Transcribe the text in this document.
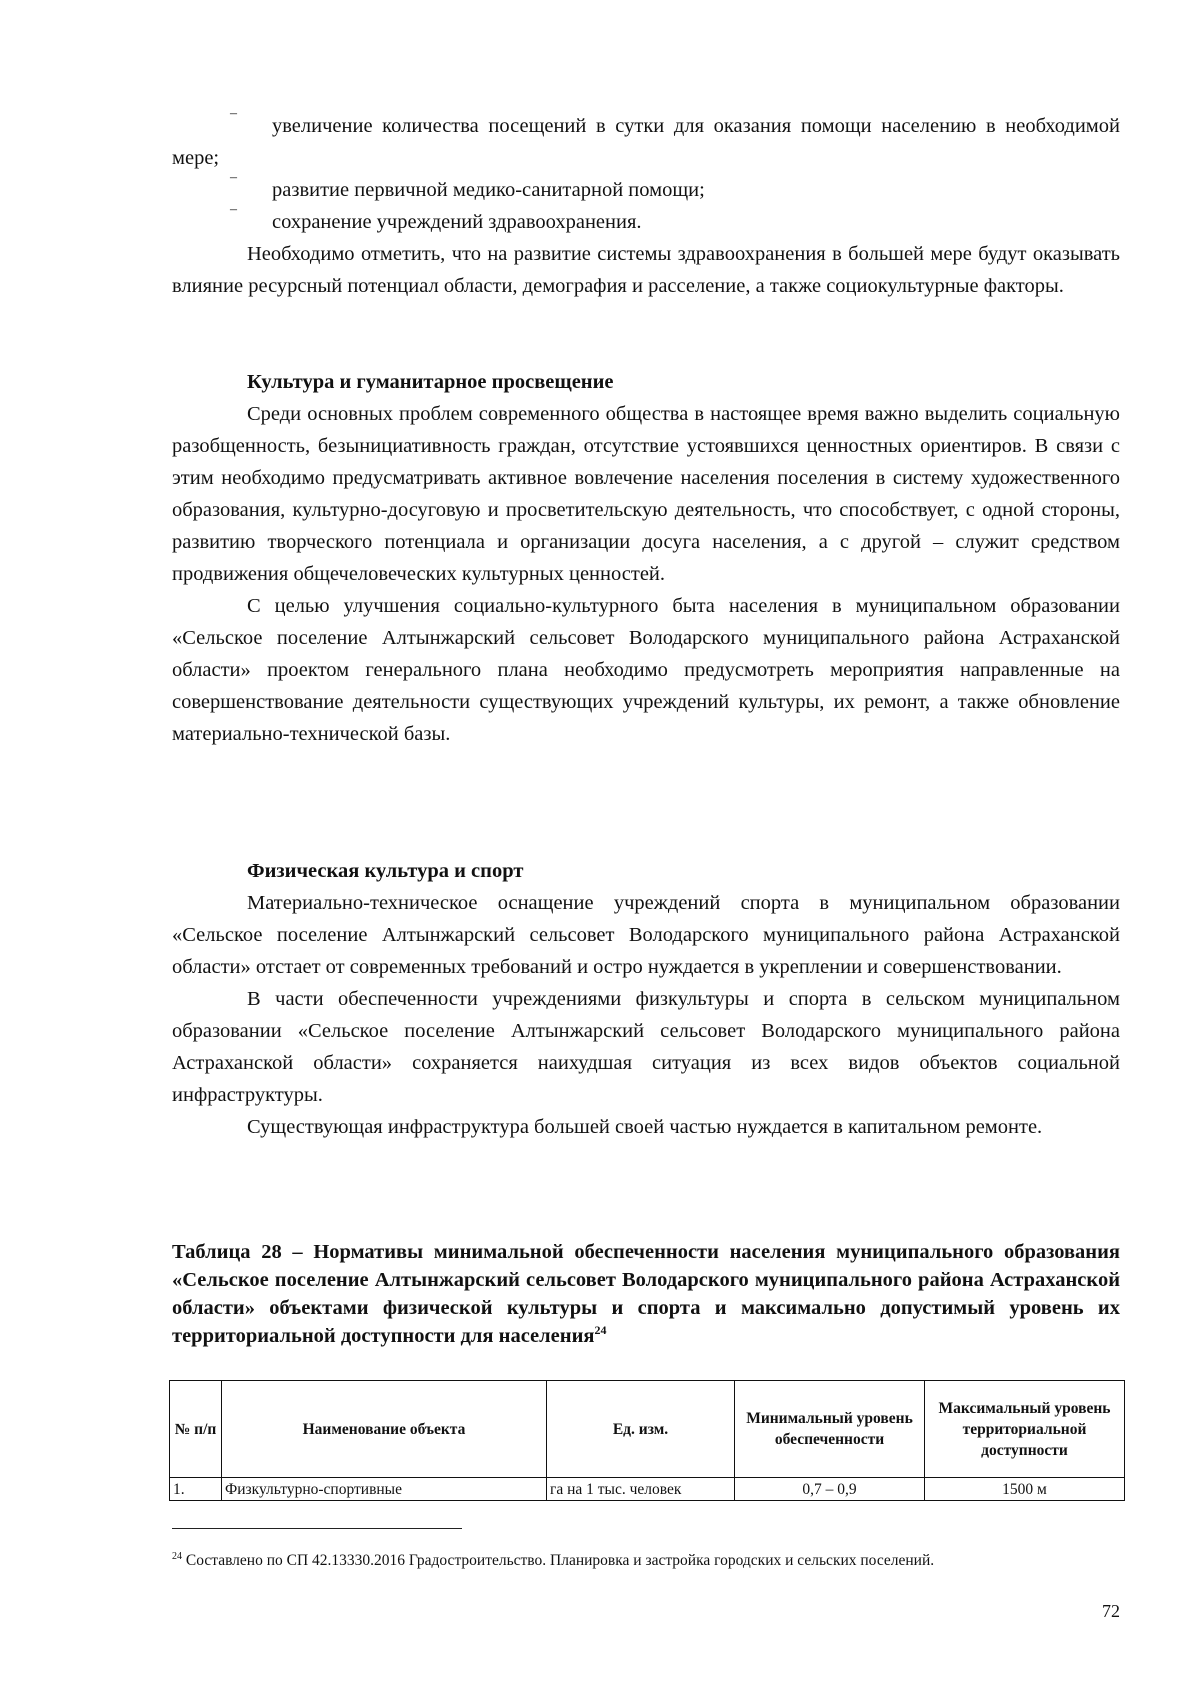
–
увеличение количества посещений в сутки для оказания помощи населению в необходимой мере;

–
развитие первичной медико-санитарной помощи;

–
сохранение учреждений здравоохранения.

Необходимо отметить, что на развитие системы здравоохранения в большей мере будут оказывать влияние ресурсный потенциал области, демография и расселение, а также социокультурные факторы.

Культура и гуманитарное просвещение

Среди основных проблем современного общества в настоящее время важно выделить социальную разобщенность, безынициативность граждан, отсутствие устоявшихся ценностных ориентиров. В связи с этим необходимо предусматривать активное вовлечение населения поселения в систему художественного образования, культурно-досуговую и просветительскую деятельность, что способствует, с одной стороны, развитию творческого потенциала и организации досуга населения, а с другой – служит средством продвижения общечеловеческих культурных ценностей.

С целью улучшения социально-культурного быта населения в муниципальном образовании «Сельское поселение Алтынжарский сельсовет Володарского муниципального района Астраханской области» проектом генерального плана необходимо предусмотреть мероприятия направленные на совершенствование деятельности существующих учреждений культуры, их ремонт, а также обновление материально-технической базы.

Физическая культура и спорт

Материально-техническое оснащение учреждений спорта в муниципальном образовании «Сельское поселение Алтынжарский сельсовет Володарского муниципального района Астраханской области» отстает от современных требований и остро нуждается в укреплении и совершенствовании.

В части обеспеченности учреждениями физкультуры и спорта в сельском муниципальном образовании «Сельское поселение Алтынжарский сельсовет Володарского муниципального района Астраханской области» сохраняется наихудшая ситуация из всех видов объектов социальной инфраструктуры.

Существующая инфраструктура большей своей частью нуждается в капитальном ремонте.

Таблица 28 – Нормативы минимальной обеспеченности населения муниципального образования «Сельское поселение Алтынжарский сельсовет Володарского муниципального района Астраханской области» объектами физической культуры и спорта и максимально допустимый уровень их территориальной доступности для населения$^{24}$

№ п/п	Наименование объекта	Ед. изм.	Минимальный уровень обеспеченности	Максимальный уровень территориальной доступности
1.	Физкультурно-спортивные	га на 1 тыс. человек	0,7 – 0,9	1500 м

$^{24}$ Составлено по СП 42.13330.2016 Градостроительство. Планировка и застройка городских и сельских поселений.

72
